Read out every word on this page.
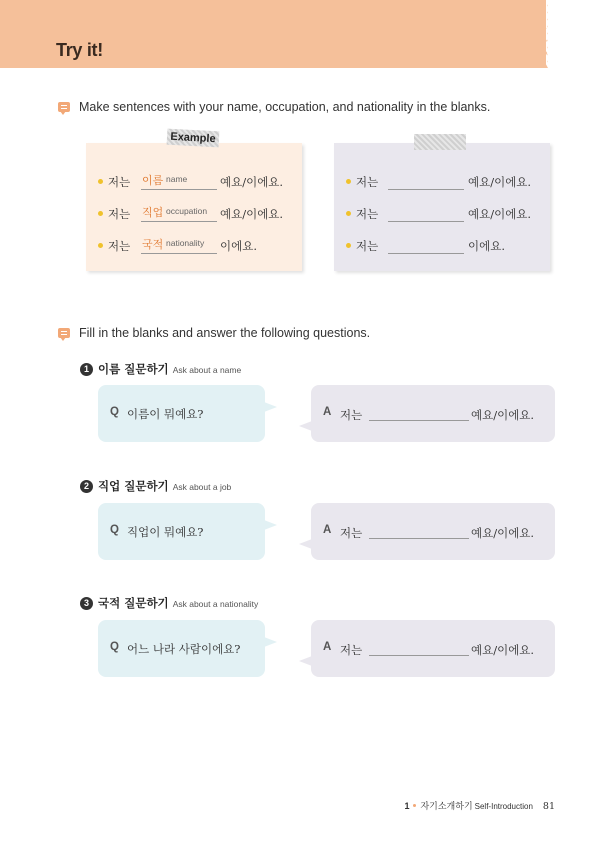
Try it!
Make sentences with your name, occupation, and nationality in the blanks.
저는 이름 name	예요/이에요.
저는 직업 occupation 예요/이에요.
저는 국적 nationality 이에요.
Example
저는	예요/이에요.
저는	예요/이에요.
저는	이에요.
Fill in the blanks and answer the following questions.
1 이름 질문하기 Ask about a name
Q 이름이 뭐예요?	A 저는	예요/이에요.
2 직업 질문하기 Ask about a job
Q 직업이 뭐예요?	A 저는	예요/이에요.
3 국적 질문하기 Ask about a nationality
Q 어느 나라 사람이에요?	A 저는	예요/이에요.
1 자기소개하기 Self-Introduction 81
